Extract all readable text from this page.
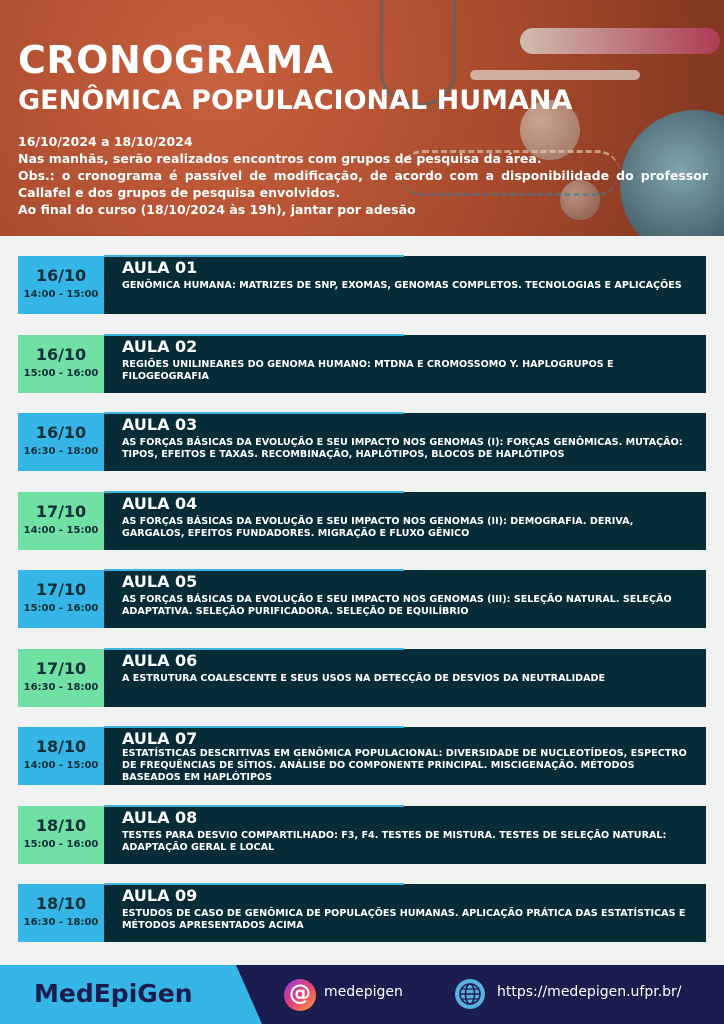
CRONOGRAMA
GENÔMICA POPULACIONAL HUMANA
16/10/2024 a 18/10/2024
Nas manhãs, serão realizados encontros com grupos de pesquisa da área.
Obs.: o cronograma é passível de modificação, de acordo com a disponibilidade do professor Callafel e dos grupos de pesquisa envolvidos.
Ao final do curso (18/10/2024 às 19h), jantar por adesão
16/10
14:00 - 15:00
AULA 01
GENÔMICA HUMANA: MATRIZES DE SNP, EXOMAS, GENOMAS COMPLETOS. TECNOLOGIAS E APLICAÇÕES
16/10
15:00 - 16:00
AULA 02
REGIÕES UNILINEARES DO GENOMA HUMANO: MTDNA E CROMOSSOMO Y. HAPLOGRUPOS E FILOGEOGRAFIA
16/10
16:30 - 18:00
AULA 03
AS FORÇAS BÁSICAS DA EVOLUÇÃO E SEU IMPACTO NOS GENOMAS (I): FORÇAS GENÔMICAS. MUTAÇÃO: TIPOS, EFEITOS E TAXAS. RECOMBINAÇÃO, HAPLÓTIPOS, BLOCOS DE HAPLÓTIPOS
17/10
14:00 - 15:00
AULA 04
AS FORÇAS BÁSICAS DA EVOLUÇÃO E SEU IMPACTO NOS GENOMAS (II): DEMOGRAFIA. DERIVA, GARGALOS, EFEITOS FUNDADORES. MIGRAÇÃO E FLUXO GÊNICO
17/10
15:00 - 16:00
AULA 05
AS FORÇAS BÁSICAS DA EVOLUÇÃO E SEU IMPACTO NOS GENOMAS (III): SELEÇÃO NATURAL. SELEÇÃO ADAPTATIVA. SELEÇÃO PURIFICADORA. SELEÇÃO DE EQUILÍBRIO
17/10
16:30 - 18:00
AULA 06
A ESTRUTURA COALESCENTE E SEUS USOS NA DETECÇÃO DE DESVIOS DA NEUTRALIDADE
18/10
14:00 - 15:00
AULA 07
ESTATÍSTICAS DESCRITIVAS EM GENÔMICA POPULACIONAL: DIVERSIDADE DE NUCLEOTÍDEOS, ESPECTRO DE FREQUÊNCIAS DE SÍTIOS. ANÁLISE DO COMPONENTE PRINCIPAL. MISCIGENAÇÃO. MÉTODOS BASEADOS EM HAPLÓTIPOS
18/10
15:00 - 16:00
AULA 08
TESTES PARA DESVIO COMPARTILHADO: F3, F4. TESTES DE MISTURA. TESTES DE SELEÇÃO NATURAL: ADAPTAÇÃO GERAL E LOCAL
18/10
16:30 - 18:00
AULA 09
ESTUDOS DE CASO DE GENÔMICA DE POPULAÇÕES HUMANAS. APLICAÇÃO PRÁTICA DAS ESTATÍSTICAS E MÉTODOS APRESENTADOS ACIMA
MedEpiGen	@ medepigen	https://medepigen.ufpr.br/
